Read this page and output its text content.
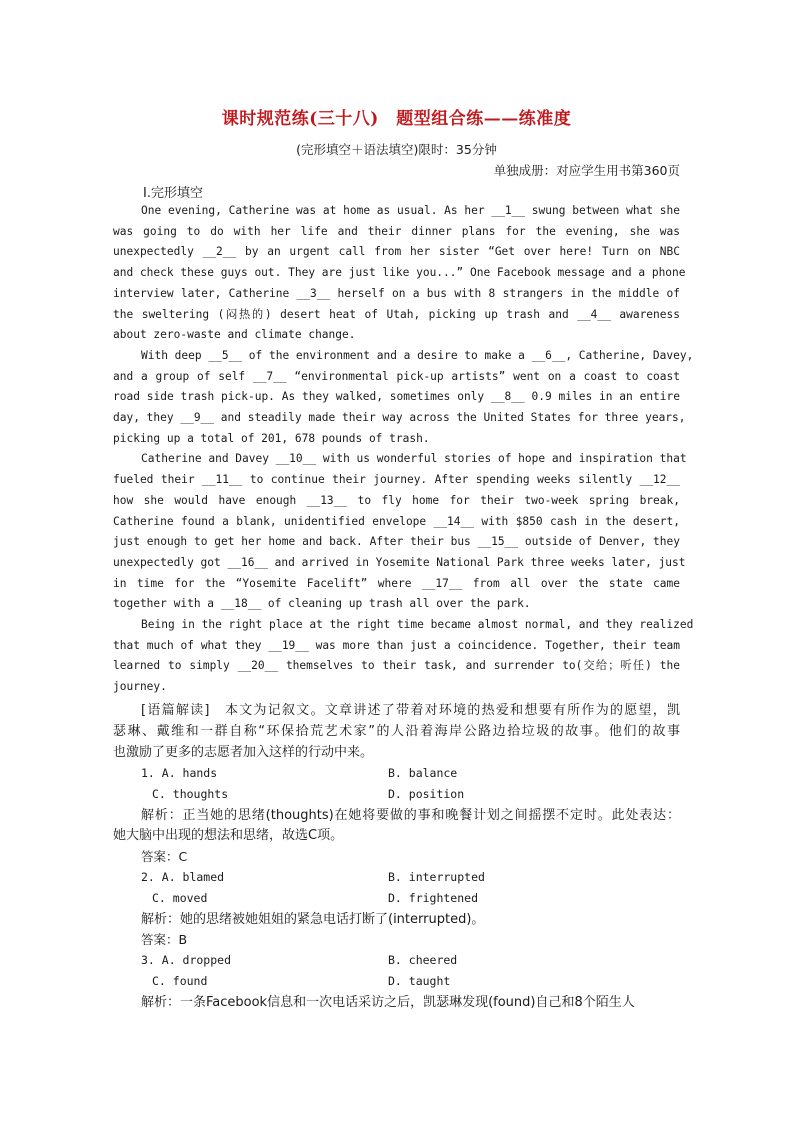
课时规范练(三十八)　题型组合练——练准度
(完形填空＋语法填空)限时：35分钟
单独成册：对应学生用书第360页
Ⅰ.完形填空
One evening, Catherine was at home as usual. As her __1__ swung between what she
was going to do with her life and their dinner plans for the evening, she was
unexpectedly __2__ by an urgent call from her sister “Get over here! Turn on NBC
and check these guys out. They are just like you...” One Facebook message and a phone
interview later, Catherine __3__ herself on a bus with 8 strangers in the middle of
the sweltering (闷热的) desert heat of Utah, picking up trash and __4__ awareness
about zero-waste and climate change.
With deep __5__ of the environment and a desire to make a __6__, Catherine, Davey,
and a group of self __7__ “environmental pick-up artists” went on a coast to coast
road side trash pick-up. As they walked, sometimes only __8__ 0.9 miles in an entire
day, they __9__ and steadily made their way across the United States for three years,
picking up a total of 201, 678 pounds of trash.
Catherine and Davey __10__ with us wonderful stories of hope and inspiration that
fueled their __11__ to continue their journey. After spending weeks silently __12__
how she would have enough __13__ to fly home for their two-week spring break,
Catherine found a blank, unidentified envelope __14__ with $850 cash in the desert,
just enough to get her home and back. After their bus __15__ outside of Denver, they
unexpectedly got __16__ and arrived in Yosemite National Park three weeks later, just
in time for the “Yosemite Facelift” where __17__ from all over the state came
together with a __18__ of cleaning up trash all over the park.
Being in the right place at the right time became almost normal, and they realized
that much of what they __19__ was more than just a coincidence. Together, their team
learned to simply __20__ themselves to their task, and surrender to(交给；听任) the
journey.
[语篇解读]　本文为记叙文。文章讲述了带着对环境的热爱和想要有所作为的愿望，凯
瑟琳、戴维和一群自称“环保拾荒艺术家”的人沿着海岸公路边拾垃圾的故事。他们的故事
也激励了更多的志愿者加入这样的行动中来。
1. A. hands	B. balance
C. thoughts	D. position
解析：正当她的思绪(thoughts)在她将要做的事和晚餐计划之间摇摆不定时。此处表达：
她大脑中出现的想法和思绪，故选C项。
答案：C
2. A. blamed	B. interrupted
C. moved	D. frightened
解析：她的思绪被她姐姐的紧急电话打断了(interrupted)。
答案：B
3. A. dropped	B. cheered
C. found	D. taught
解析：一条Facebook信息和一次电话采访之后，凯瑟琳发现(found)自己和8个陌生人
